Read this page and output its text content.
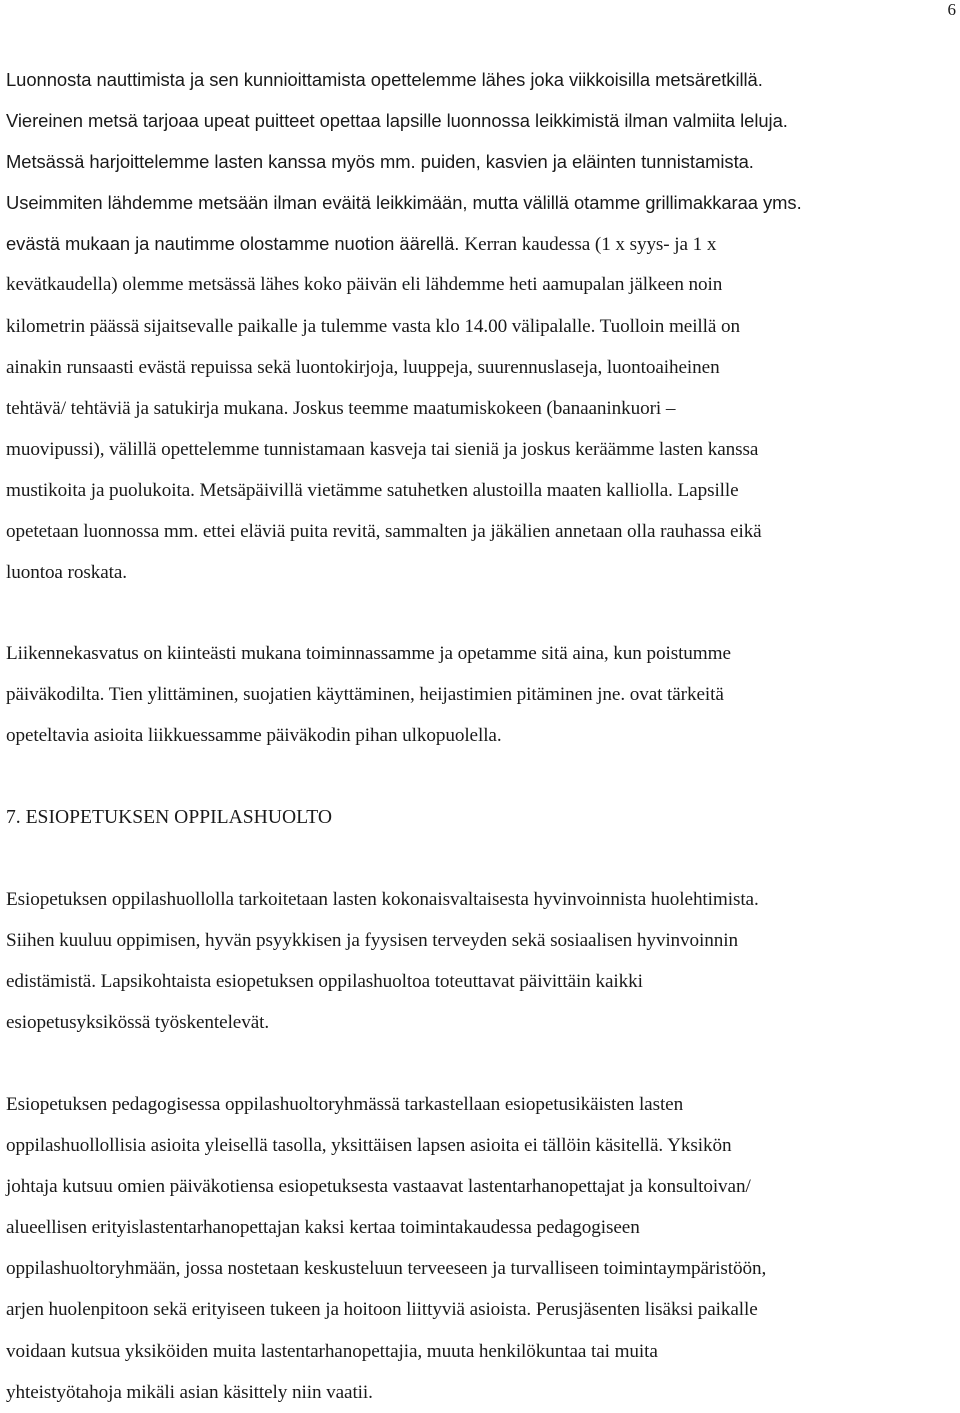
6
Luonnosta nauttimista ja sen kunnioittamista opettelemme lähes joka viikkoisilla metsäretkillä.
Viereinen metsä tarjoaa upeat puitteet opettaa lapsille luonnossa leikkimistä ilman valmiita leluja.
Metsässä harjoittelemme lasten kanssa myös mm. puiden, kasvien ja eläinten tunnistamista.
Useimmiten lähdemme metsään ilman eväitä leikkimään, mutta välillä otamme grillimakkaraa yms.
evästä mukaan ja nautimme olostamme nuotion äärellä. Kerran kaudessa (1 x syys- ja 1 x
kevätkaudella) olemme metsässä lähes koko päivän eli lähdemme heti aamupalan jälkeen noin
kilometrin päässä sijaitsevalle paikalle ja tulemme vasta klo 14.00 välipalalle. Tuolloin meillä on
ainakin runsaasti evästä repuissa sekä luontokirjoja, luuppeja, suurennuslaseja, luontoaiheinen
tehtävä/ tehtäviä ja satukirja mukana. Joskus teemme maatumiskokeen (banaaninkuori –
muovipussi), välillä opettelemme tunnistamaan kasveja tai sieniä ja joskus keräämme lasten kanssa
mustikoita ja puolukoita. Metsäpäivillä vietämme satuhetken alustoilla maaten kalliolla. Lapsille
opetetaan luonnossa mm. ettei eläviä puita revitä, sammalten ja jäkälien annetaan olla rauhassa eikä
luontoa roskata.
Liikennekasvatus on kiinteästi mukana toiminnassamme ja opetamme sitä aina, kun poistumme
päiväkodilta. Tien ylittäminen, suojatien käyttäminen, heijastimien pitäminen jne. ovat tärkeitä
opeteltavia asioita liikkuessamme päiväkodin pihan ulkopuolella.
7. ESIOPETUKSEN OPPILASHUOLTO
Esiopetuksen oppilashuollolla tarkoitetaan lasten kokonaisvaltaisesta hyvinvoinnista huolehtimista.
Siihen kuuluu oppimisen, hyvän psyykkisen ja fyysisen terveyden sekä sosiaalisen hyvinvoinnin
edistämistä. Lapsikohtaista esiopetuksen oppilashuoltoa toteuttavat päivittäin kaikki
esiopetusyksikössä työskentelevät.
Esiopetuksen pedagogisessa oppilashuoltoryhmässä tarkastellaan esiopetusikäisten lasten
oppilashuollollisia asioita yleisellä tasolla, yksittäisen lapsen asioita ei tällöin käsitellä. Yksikön
johtaja kutsuu omien päiväkotiensa esiopetuksesta vastaavat lastentarhanopettajat ja konsultoivan/
alueellisen erityislastentarhanopettajan kaksi kertaa toimintakaudessa pedagogiseen
oppilashuoltoryhmään, jossa nostetaan keskusteluun terveeseen ja turvalliseen toimintaympäristöön,
arjen huolenpitoon sekä erityiseen tukeen ja hoitoon liittyviä asioista. Perusjäsenten lisäksi paikalle
voidaan kutsua yksiköiden muita lastentarhanopettajia, muuta henkilökuntaa tai muita
yhteistyötahoja mikäli asian käsittely niin vaatii.
